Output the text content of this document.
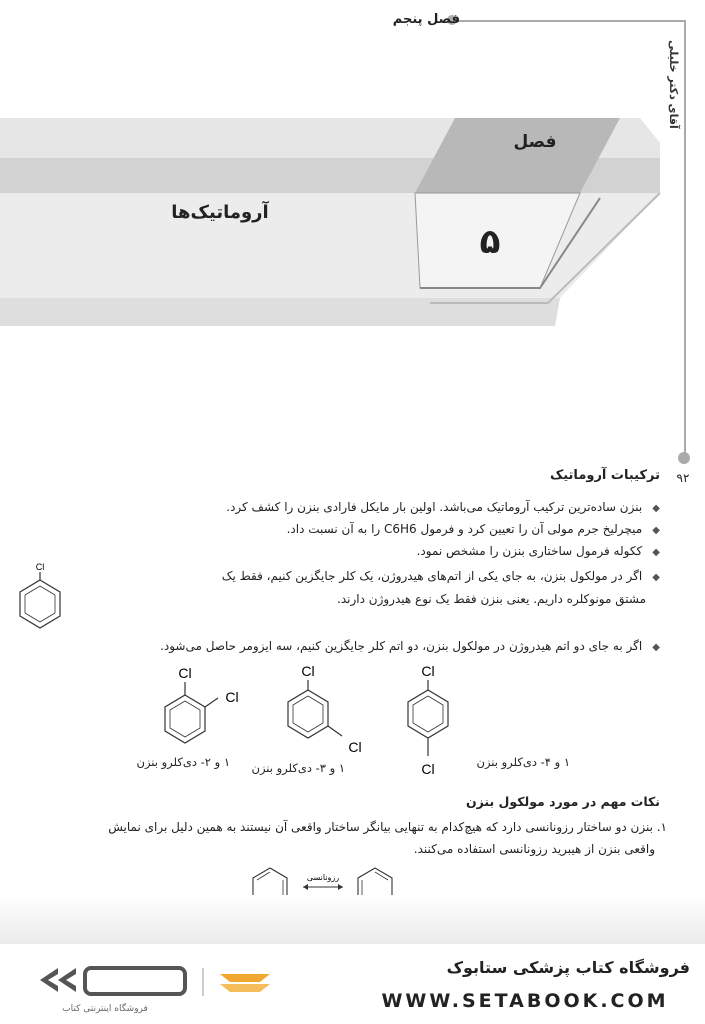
فصل پنجم
آقای دکتر خلیلی
فصل
۵
آروماتیک‌ها
۹۲
ترکیبات آروماتیک
◆ بنزن ساده‌ترین ترکیب آروماتیک می‌باشد. اولین بار مایکل فارادی بنزن را کشف کرد.
◆ میچرلیخ جرم مولی آن را تعیین کرد و فرمول C6H6 را به آن نسبت داد.
◆ ککوله فرمول ساختاری بنزن را مشخص نمود.
◆ اگر در مولکول بنزن، به جای یکی از اتم‌های هیدروژن، یک کلر جایگزین کنیم، فقط یک
مشتق مونوکلره داریم. یعنی بنزن فقط یک نوع هیدروژن دارند.
◆ اگر به جای دو اتم هیدروژن در مولکول بنزن، دو اتم کلر جایگزین کنیم، سه ایزومر حاصل می‌شود.
Cl
Cl
Cl
۱ و ۲- دی‌کلرو بنزن
Cl
Cl
۱ و ۳- دی‌کلرو بنزن
Cl
Cl	۱ و ۴- دی‌کلرو بنزن
نکات مهم در مورد مولکول بنزن
۱. بنزن دو ساختار رزونانسی دارد که هیچ‌کدام به تنهایی بیانگر ساختار واقعی آن نیستند به همین دلیل برای نمایش
واقعی بنزن از هیبرید رزونانسی استفاده می‌کنند.
رزونانسی
فروشگاه کتاب پزشکی ستابوک
WWW.SETABOOK.COM
فروشگاه اینترنتی کتاب
